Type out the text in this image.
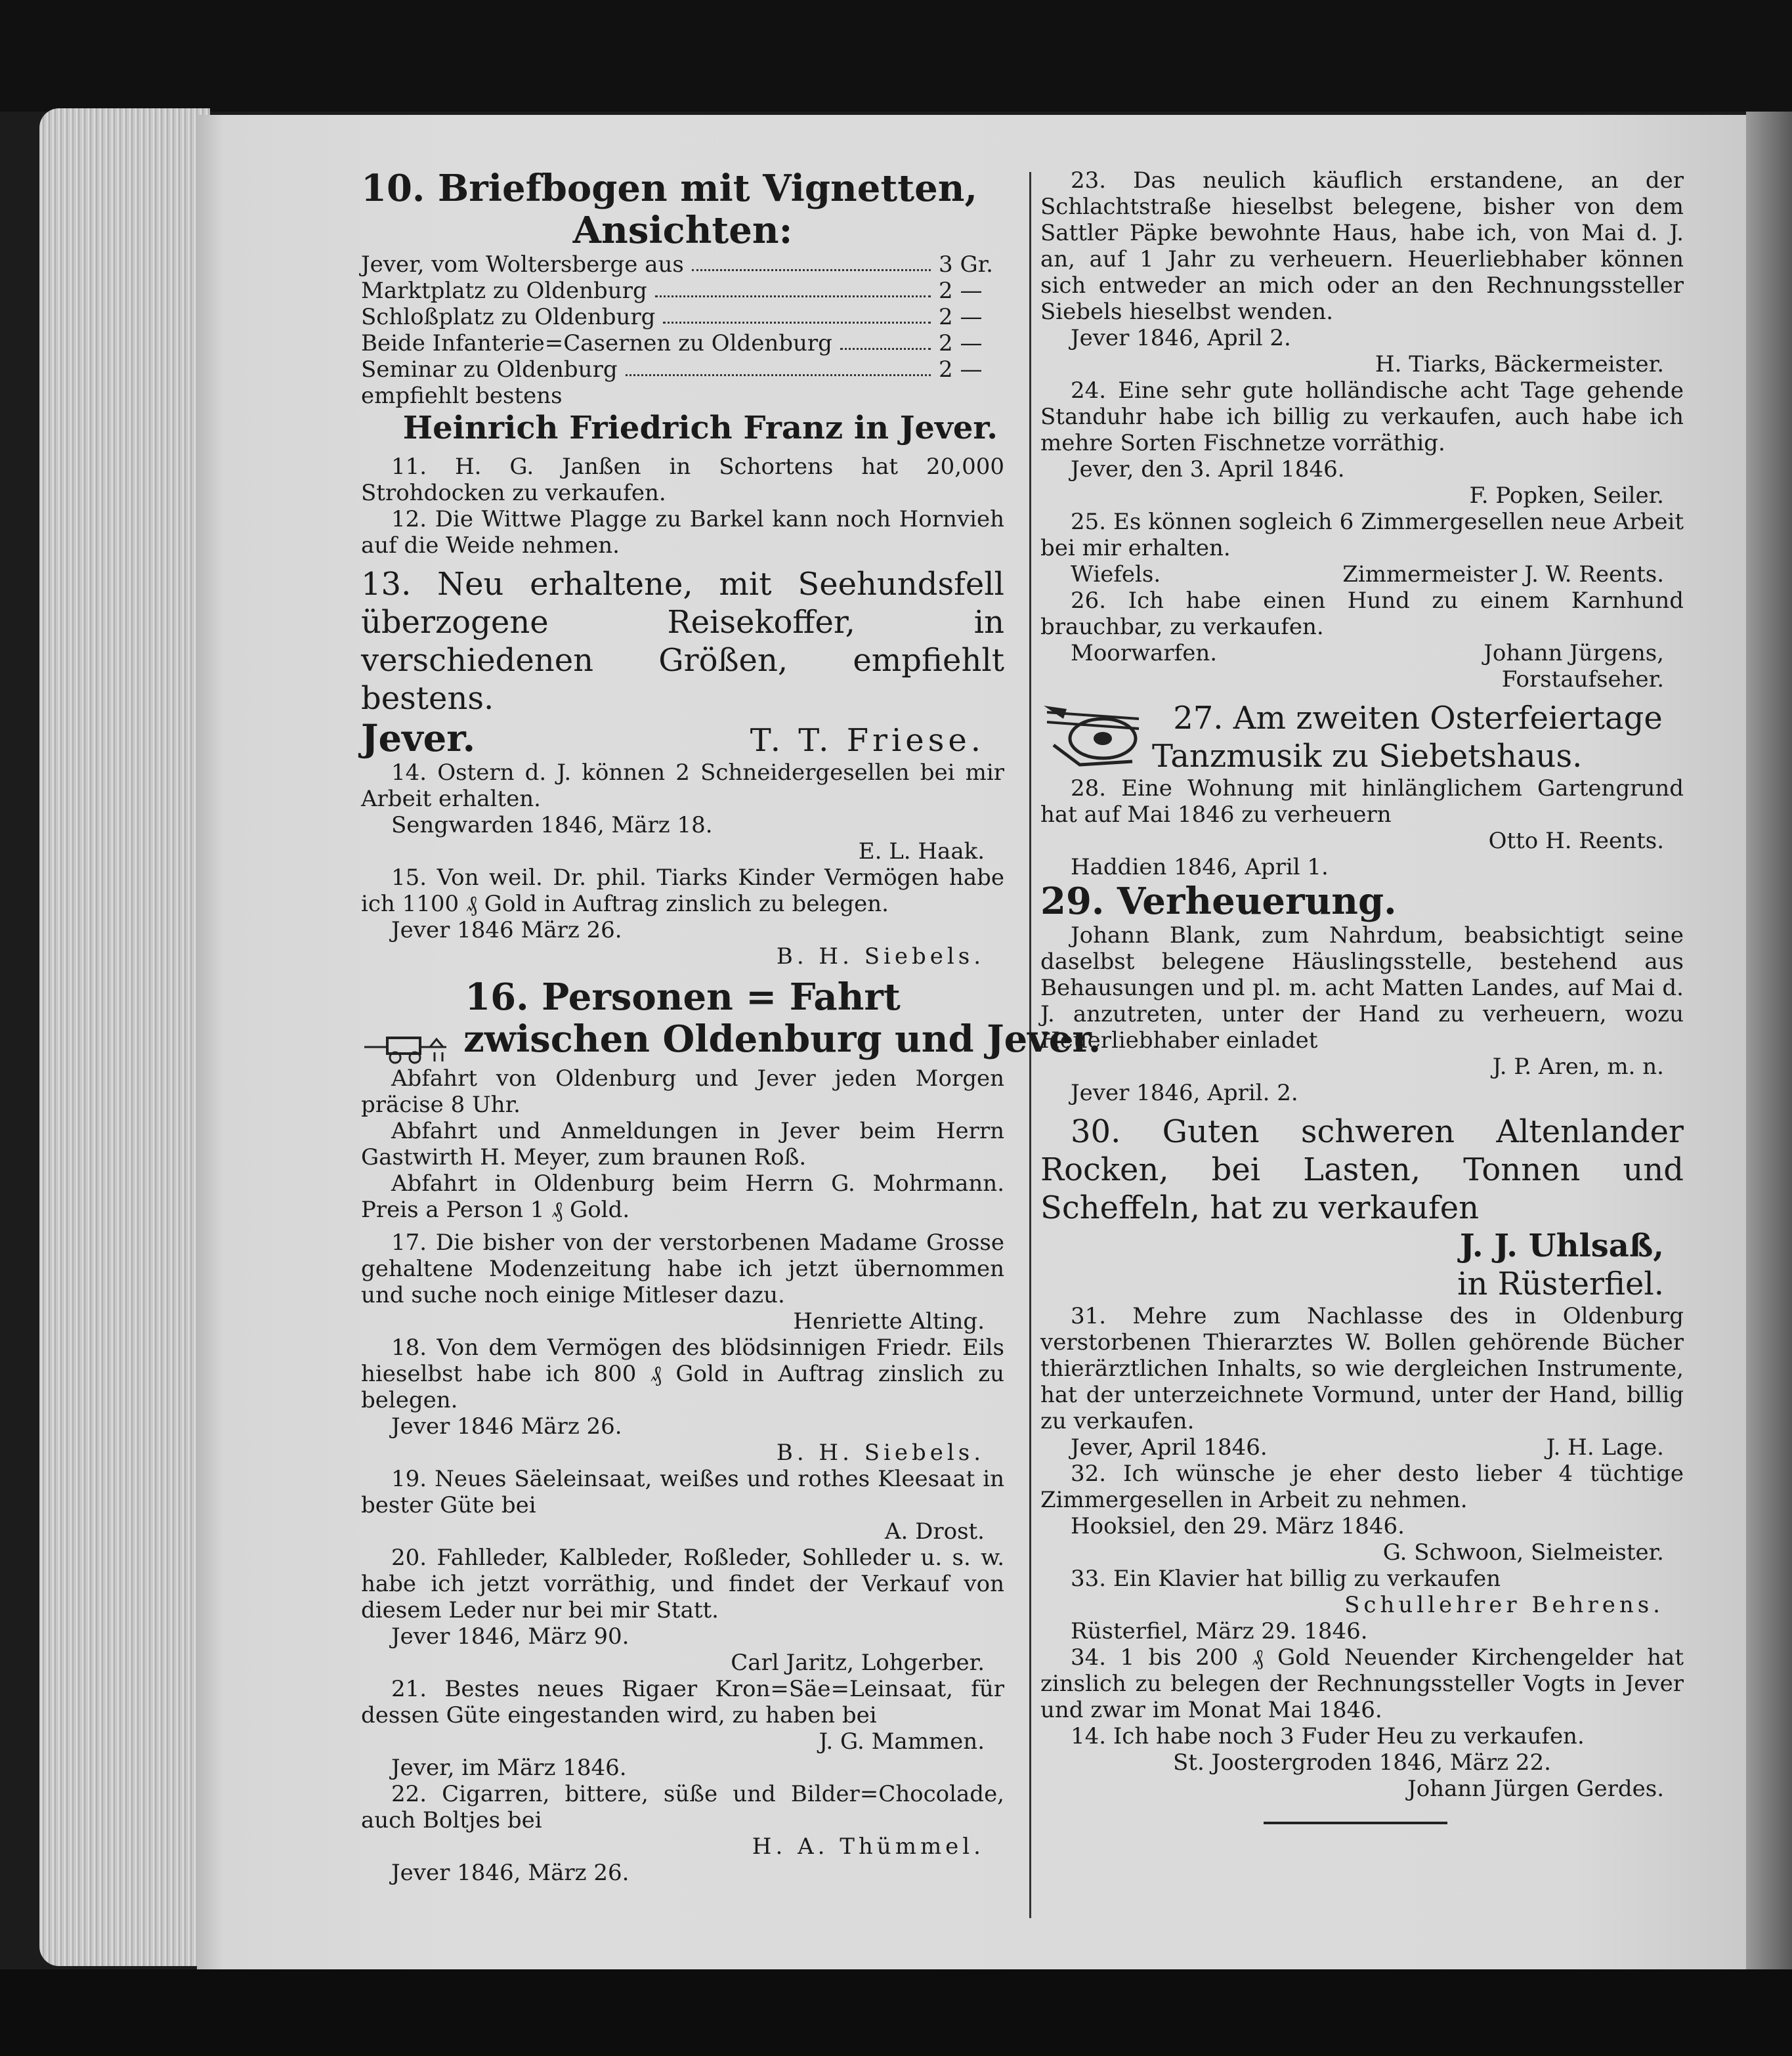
10. Briefbogen mit Vignetten,
Ansichten:
Jever, vom Woltersberge aus	3 Gr.
Marktplatz zu Oldenburg	2 —
Schloßplatz zu Oldenburg	2 —
Beide Infanterie=Casernen zu Oldenburg	2 —
Seminar zu Oldenburg	2 —
empfiehlt bestens
Heinrich Friedrich Franz in Jever.

11. H. G. Janßen in Schortens hat 20,000 Strohdocken zu verkaufen.

12. Die Wittwe Plagge zu Barkel kann noch Hornvieh auf die Weide nehmen.

13. Neu erhaltene, mit Seehundsfell überzogene Reisekoffer, in verschiedenen Größen, empfiehlt bestens.

Jever.	T. T. Friese.

14. Ostern d. J. können 2 Schneidergesellen bei mir Arbeit erhalten.

Sengwarden 1846, März 18.

E. L. Haak.

15. Von weil. Dr. phil. Tiarks Kinder Vermögen habe ich 1100 ₰ Gold in Auftrag zinslich zu belegen.

Jever 1846 März 26.

B. H. Siebels.

16. Personen = Fahrt
zwischen Oldenburg und Jever.

Abfahrt von Oldenburg und Jever jeden Morgen präcise 8 Uhr.

Abfahrt und Anmeldungen in Jever beim Herrn Gastwirth H. Meyer, zum braunen Roß.

Abfahrt in Oldenburg beim Herrn G. Mohrmann. Preis a Person 1 ₰ Gold.

17. Die bisher von der verstorbenen Madame Grosse gehaltene Modenzeitung habe ich jetzt übernommen und suche noch einige Mitleser dazu.

Henriette Alting.

18. Von dem Vermögen des blödsinnigen Friedr. Eils hieselbst habe ich 800 ₰ Gold in Auftrag zinslich zu belegen.

Jever 1846 März 26.

B. H. Siebels.

19. Neues Säeleinsaat, weißes und rothes Kleesaat in bester Güte bei

A. Drost.

20. Fahlleder, Kalbleder, Roßleder, Sohlleder u. s. w. habe ich jetzt vorräthig, und findet der Verkauf von diesem Leder nur bei mir Statt.

Jever 1846, März 90.

Carl Jaritz, Lohgerber.

21. Bestes neues Rigaer Kron=Säe=Leinsaat, für dessen Güte eingestanden wird, zu haben bei

J. G. Mammen.

Jever, im März 1846.

22. Cigarren, bittere, süße und Bilder=Chocolade, auch Boltjes bei

H. A. Thümmel.

Jever 1846, März 26.

23. Das neulich käuflich erstandene, an der Schlachtstraße hieselbst belegene, bisher von dem Sattler Päpke bewohnte Haus, habe ich, von Mai d. J. an, auf 1 Jahr zu verheuern. Heuerliebhaber können sich entweder an mich oder an den Rechnungssteller Siebels hieselbst wenden.

Jever 1846, April 2.

H. Tiarks, Bäckermeister.

24. Eine sehr gute holländische acht Tage gehende Standuhr habe ich billig zu verkaufen, auch habe ich mehre Sorten Fischnetze vorräthig.

Jever, den 3. April 1846.

F. Popken, Seiler.

25. Es können sogleich 6 Zimmergesellen neue Arbeit bei mir erhalten.

Wiefels.	Zimmermeister J. W. Reents.

26. Ich habe einen Hund zu einem Karnhund brauchbar, zu verkaufen.

Moorwarfen.	Johann Jürgens,

Forstaufseher.

27. Am zweiten Osterfeiertage
Tanzmusik zu Siebetshaus.

28. Eine Wohnung mit hinlänglichem Gartengrund hat auf Mai 1846 zu verheuern

Otto H. Reents.

Haddien 1846, April 1.

29. Verheuerung.

Johann Blank, zum Nahrdum, beabsichtigt seine daselbst belegene Häuslingsstelle, bestehend aus Behausungen und pl. m. acht Matten Landes, auf Mai d. J. anzutreten, unter der Hand zu verheuern, wozu Heuerliebhaber einladet

J. P. Aren, m. n.

Jever 1846, April. 2.

30. Guten schweren Altenlander Rocken, bei Lasten, Tonnen und Scheffeln, hat zu verkaufen

J. J. Uhlsaß,
in Rüsterfiel.

31. Mehre zum Nachlasse des in Oldenburg verstorbenen Thierarztes W. Bollen gehörende Bücher thierärztlichen Inhalts, so wie dergleichen Instrumente, hat der unterzeichnete Vormund, unter der Hand, billig zu verkaufen.

Jever, April 1846.	J. H. Lage.

32. Ich wünsche je eher desto lieber 4 tüchtige Zimmergesellen in Arbeit zu nehmen.

Hooksiel, den 29. März 1846.

G. Schwoon, Sielmeister.

33. Ein Klavier hat billig zu verkaufen

Schullehrer Behrens.

Rüsterfiel, März 29. 1846.

34. 1 bis 200 ₰ Gold Neuender Kirchengelder hat zinslich zu belegen der Rechnungssteller Vogts in Jever und zwar im Monat Mai 1846.

14. Ich habe noch 3 Fuder Heu zu verkaufen.

St. Joostergroden 1846, März 22.

Johann Jürgen Gerdes.
